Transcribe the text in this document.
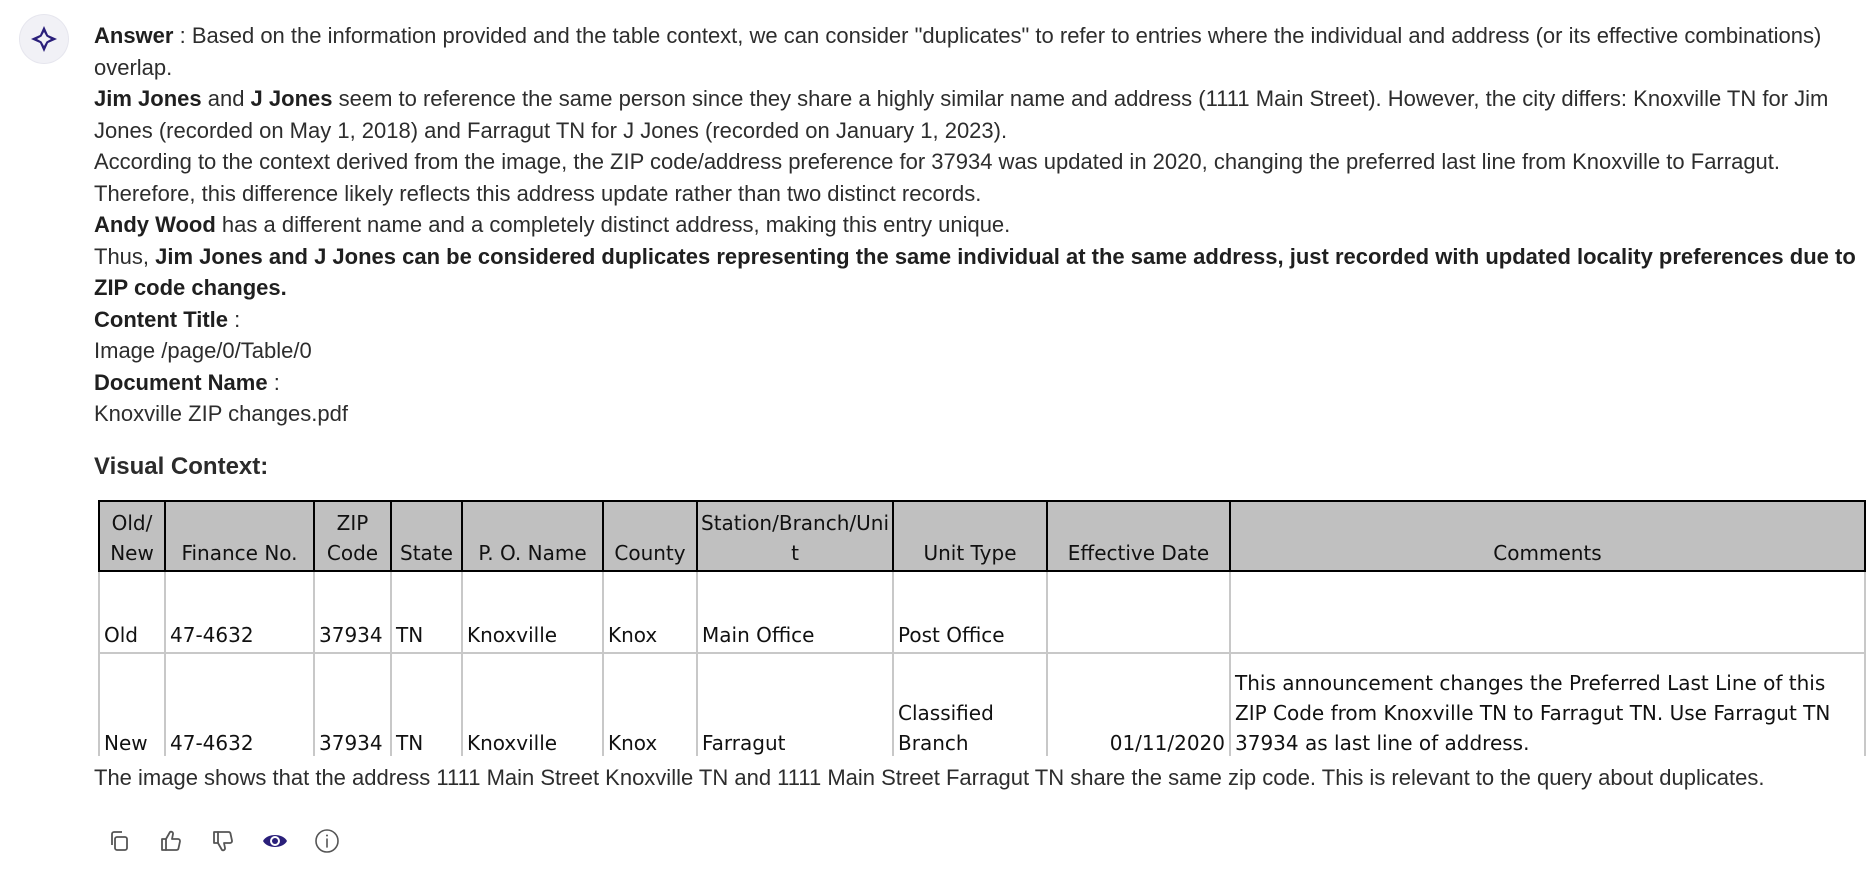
Answer : Based on the information provided and the table context, we can consider "duplicates" to refer to entries where the individual and address (or its effective combinations) overlap.

Jim Jones and J Jones seem to reference the same person since they share a highly similar name and address (1111 Main Street). However, the city differs: Knoxville TN for Jim Jones (recorded on May 1, 2018) and Farragut TN for J Jones (recorded on January 1, 2023).

According to the context derived from the image, the ZIP code/address preference for 37934 was updated in 2020, changing the preferred last line from Knoxville to Farragut. Therefore, this difference likely reflects this address update rather than two distinct records.

Andy Wood has a different name and a completely distinct address, making this entry unique.

Thus, Jim Jones and J Jones can be considered duplicates representing the same individual at the same address, just recorded with updated locality preferences due to ZIP code changes.

Content Title :

Image /page/0/Table/0

Document Name :

Knoxville ZIP changes.pdf

Visual Context:
Old/ New	Finance No.	ZIP Code	State	P. O. Name	County	Station/Branch/Unit	Unit Type	Effective Date	Comments
Old	47-4632	37934	TN	Knoxville	Knox	Main Office	Post Office		
New	47-4632	37934	TN	Knoxville	Knox	Farragut	Classified Branch	01/11/2020	This announcement changes the Preferred Last Line of this ZIP Code from Knoxville TN to Farragut TN. Use Farragut TN 37934 as last line of address.
The image shows that the address 1111 Main Street Knoxville TN and 1111 Main Street Farragut TN share the same zip code. This is relevant to the query about duplicates.
